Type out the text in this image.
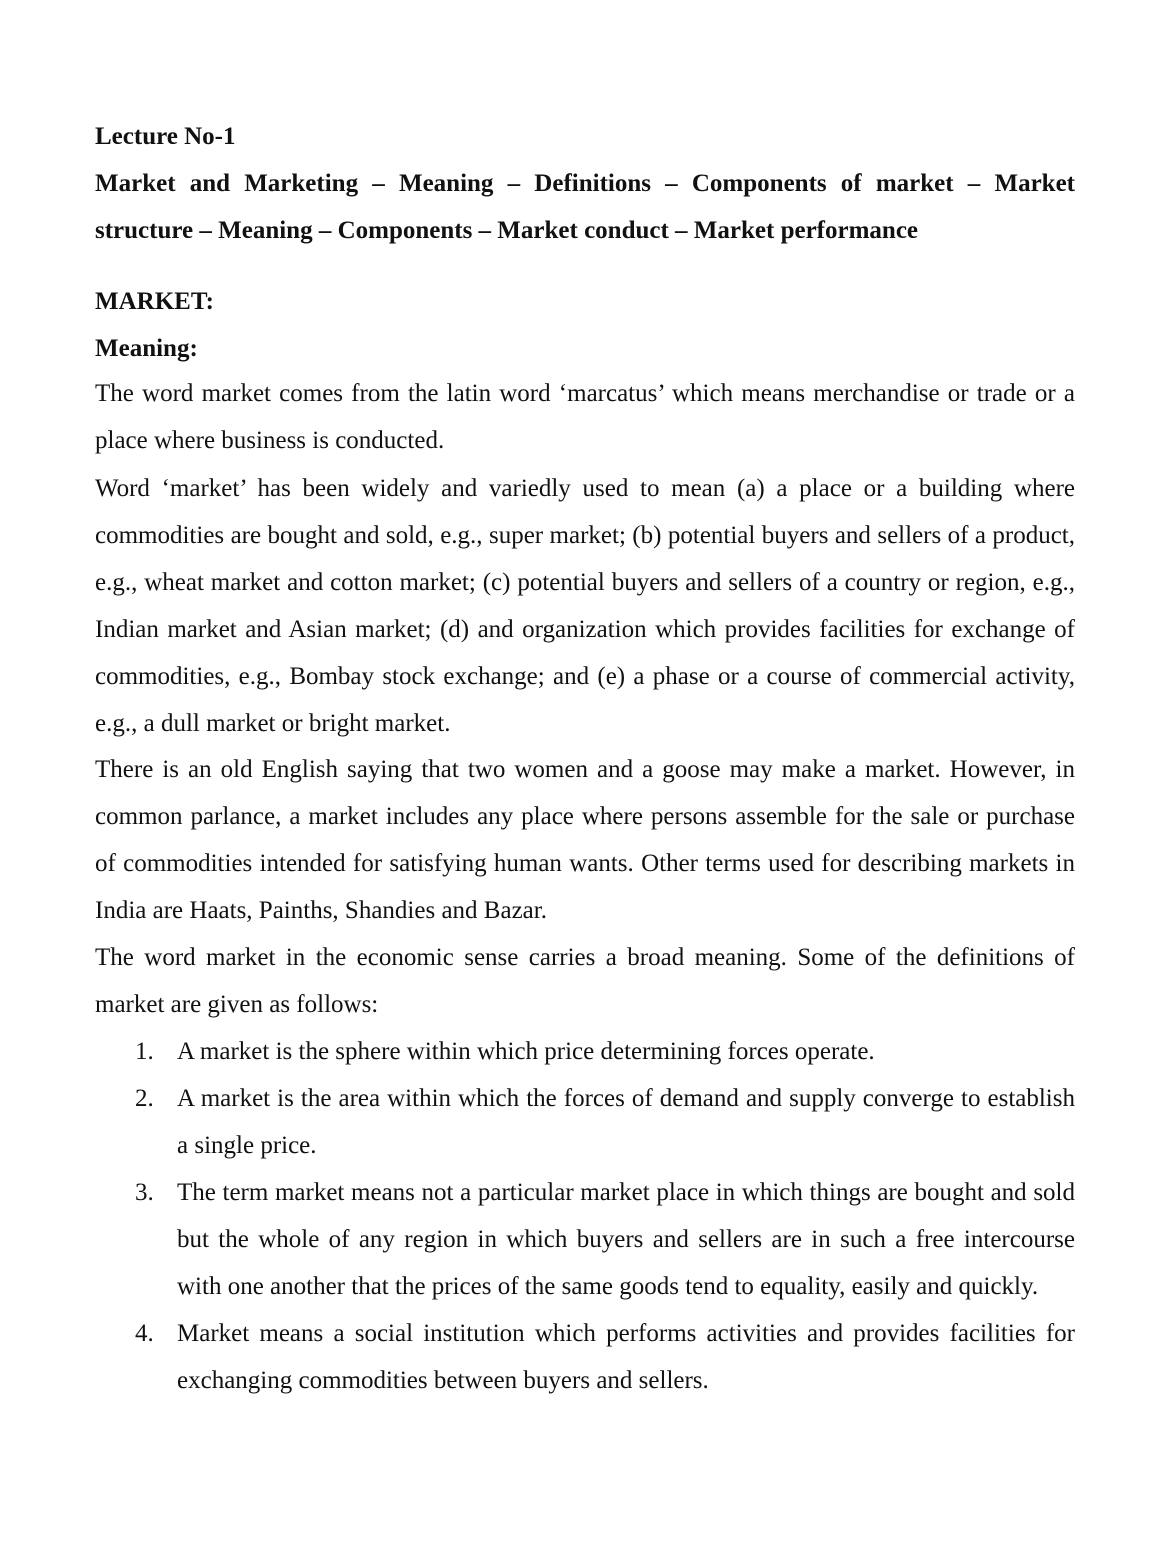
Lecture No-1
Market and Marketing – Meaning – Definitions – Components of market – Market structure – Meaning – Components – Market conduct – Market performance
MARKET:
Meaning:

The word market comes from the latin word ‘marcatus’ which means merchandise or trade or a place where business is conducted.

Word ‘market’ has been widely and variedly used to mean (a) a place or a building where commodities are bought and sold, e.g., super market; (b) potential buyers and sellers of a product, e.g., wheat market and cotton market; (c) potential buyers and sellers of a country or region, e.g., Indian market and Asian market; (d) and organization which provides facilities for exchange of commodities, e.g., Bombay stock exchange; and (e) a phase or a course of commercial activity, e.g., a dull market or bright market.

There is an old English saying that two women and a goose may make a market. However, in common parlance, a market includes any place where persons assemble for the sale or purchase of commodities intended for satisfying human wants. Other terms used for describing markets in India are Haats, Painths, Shandies and Bazar.

The word market in the economic sense carries a broad meaning. Some of the definitions of market are given as follows:

1. A market is the sphere within which price determining forces operate.
2. A market is the area within which the forces of demand and supply converge to establish a single price.
3. The term market means not a particular market place in which things are bought and sold but the whole of any region in which buyers and sellers are in such a free intercourse with one another that the prices of the same goods tend to equality, easily and quickly.
4. Market means a social institution which performs activities and provides facilities for exchanging commodities between buyers and sellers.
